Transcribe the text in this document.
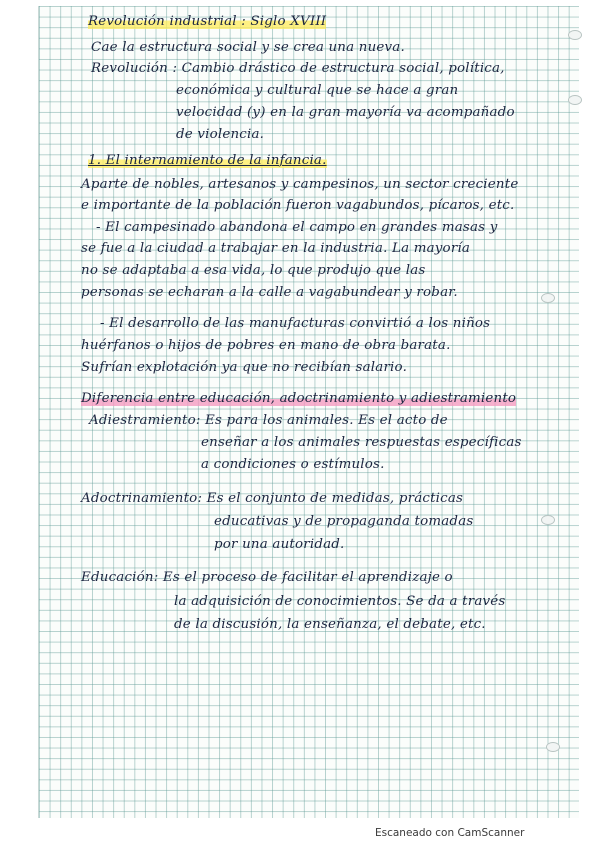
Revolución industrial : Siglo XVIII
Cae la estructura social y se crea una nueva.
Revolución : Cambio drástico de estructura social, política,
económica y cultural que se hace a gran
velocidad (y) en la gran mayoría va acompañado
de violencia.
1. El internamiento de la infancia.
Aparte de nobles, artesanos y campesinos, un sector creciente
e importante de la población fueron vagabundos, pícaros, etc.
- El campesinado abandona el campo en grandes masas y
se fue a la ciudad a trabajar en la industria. La mayoría
no se adaptaba a esa vida, lo que produjo que las
personas se echaran a la calle a vagabundear y robar.
- El desarrollo de las manufacturas convirtió a los niños
huérfanos o hijos de pobres en mano de obra barata.
Sufrían explotación ya que no recibían salario.
Diferencia entre educación, adoctrinamiento y adiestramiento
Adiestramiento: Es para los animales. Es el acto de
enseñar a los animales respuestas específicas
a condiciones o estímulos.
Adoctrinamiento: Es el conjunto de medidas, prácticas
educativas y de propaganda tomadas
por una autoridad.
Educación: Es el proceso de facilitar el aprendizaje o
la adquisición de conocimientos. Se da a través
de la discusión, la enseñanza, el debate, etc.
Escaneado con CamScanner
